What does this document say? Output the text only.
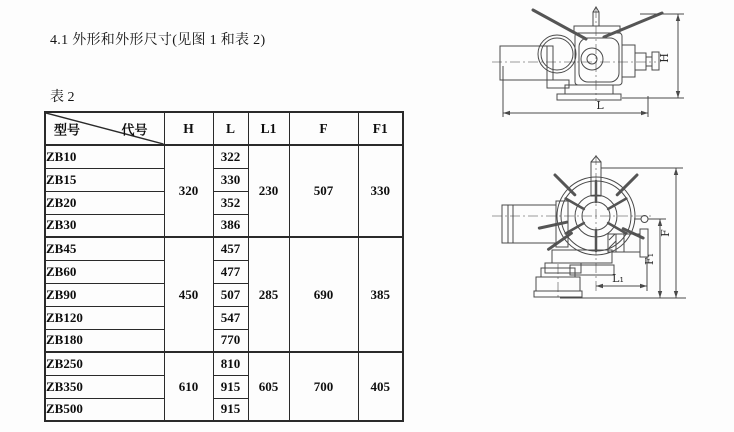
4.1 外形和外形尺寸(见图 1 和表 2)
表 2
型号 代号	H	L	L1	F	F1
ZB10	320	322	230	507	330
ZB15		330			
ZB20		352			
ZB30		386			
ZB45	450	457	285	690	385
ZB60		477			
ZB90		507			
ZB120		547			
ZB180		770			
ZB250	610	810	605	700	405
ZB350		915			
ZB500		915			
H
L
F
F₁
L₁
